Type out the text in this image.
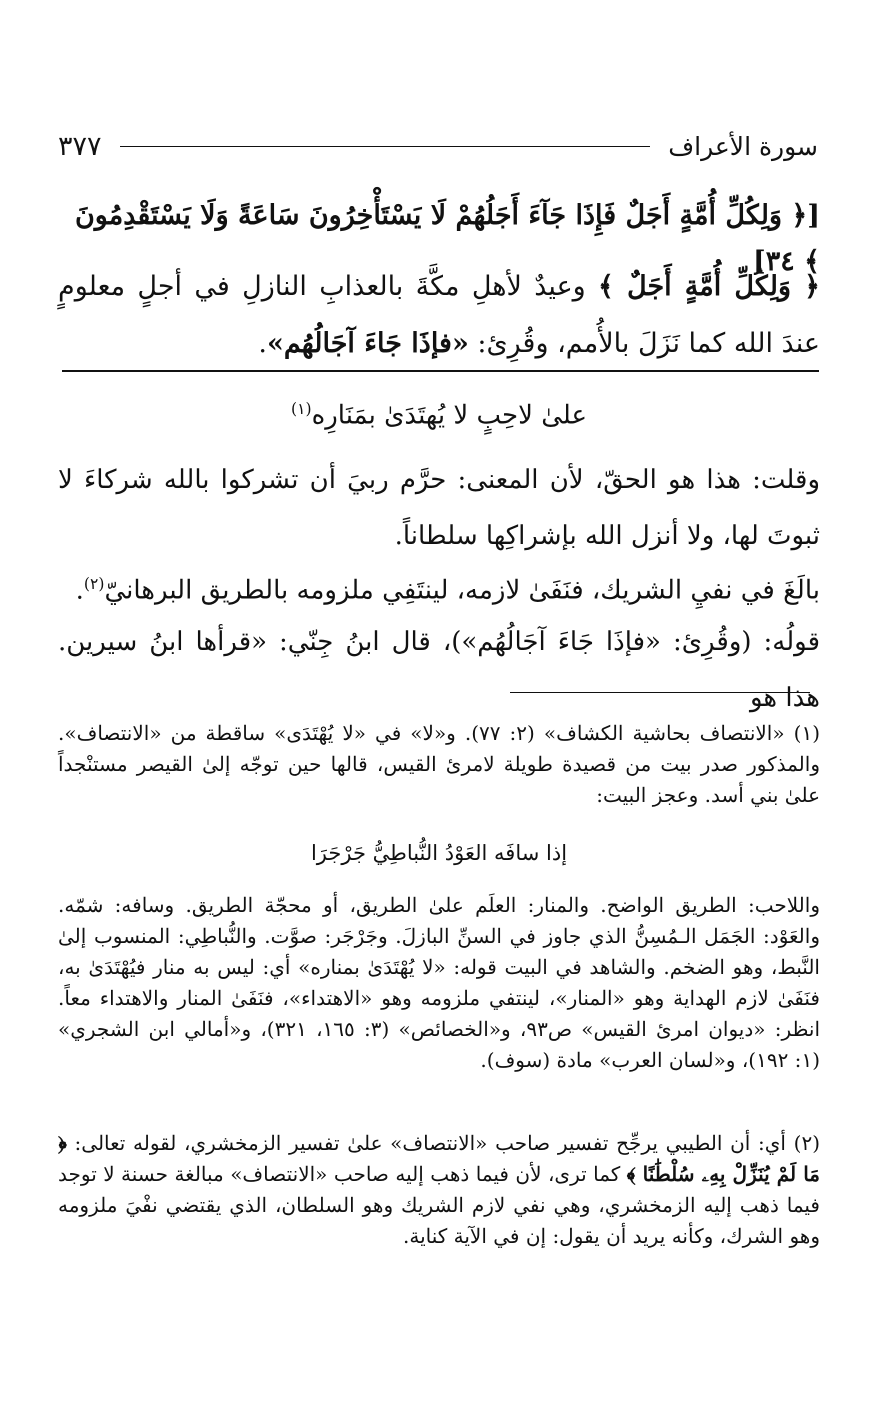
٣٧٧	سورة الأعراف
[﴿ وَلِكُلِّ أُمَّةٍ أَجَلٌ فَإِذَا جَآءَ أَجَلُهُمْ لَا يَسْتَأْخِرُونَ سَاعَةً وَلَا يَسْتَقْدِمُونَ ﴾ ٣٤]
﴿ وَلِكُلِّ أُمَّةٍ أَجَلٌ ﴾ وعيدٌ لأهلِ مكَّةَ بالعذابِ النازلِ في أجلٍ معلومٍ عندَ الله كما نَزَلَ بالأُمم، وقُرِئ: «فإذَا جَاءَ آجَالُهُم».
علىٰ لاحِبٍ لا يُهتَدَىٰ بمَنَارِه$^{(١)}$
وقلت: هذا هو الحقّ، لأن المعنى: حرَّم ربيَ أن تشركوا بالله شركاءَ لا ثبوتَ لها، ولا أنزل الله بإشراكِها سلطاناً.
بالَغَ في نفيِ الشريك، فنَفَىٰ لازمه، لينتَفِي ملزومه بالطريق البرهانيّ$^{(٢)}$.
قولُه: (وقُرِئ: «فإذَا جَاءَ آجَالُهُم»)، قال ابنُ جِنّي: «قرأها ابنُ سيرين. هذا هو
(١) «الانتصاف بحاشية الكشاف» (٢: ٧٧). و«لا» في «لا يُهْتَدَى» ساقطة من «الانتصاف». والمذكور صدر بيت من قصيدة طويلة لامرئ القيس، قالها حين توجّه إلىٰ القيصر مستنْجداً علىٰ بني أسد. وعجز البيت:
إذا سافَه العَوْدُ النُّباطِيُّ جَرْجَرَا
واللاحب: الطريق الواضح. والمنار: العلَم علىٰ الطريق، أو محجّة الطريق. وسافه: شمّه. والعَوْد: الجَمَل الـمُسِنُّ الذي جاوز في السنِّ البازلَ. وجَرْجَر: صوَّت. والنُّباطِي: المنسوب إلىٰ النَّبط، وهو الضخم. والشاهد في البيت قوله: «لا يُهْتَدَىٰ بمناره» أي: ليس به منار فيُهْتَدَىٰ به، فنَفَىٰ لازم الهداية وهو «المنار»، لينتفي ملزومه وهو «الاهتداء»، فنَفَىٰ المنار والاهتداء معاً. انظر: «ديوان امرئ القيس» ص٩٣، و«الخصائص» (٣: ١٦٥، ٣٢١)، و«أمالي ابن الشجري» (١: ١٩٢)، و«لسان العرب» مادة (سوف).
(٢) أي: أن الطيبي يرجِّح تفسير صاحب «الانتصاف» علىٰ تفسير الزمخشري، لقوله تعالى: ﴿ مَا لَمْ يُنَزِّلْ بِهِۦ سُلْطَٰنًا ﴾ كما ترى، لأن فيما ذهب إليه صاحب «الانتصاف» مبالغة حسنة لا توجد فيما ذهب إليه الزمخشري، وهي نفي لازم الشريك وهو السلطان، الذي يقتضي نفْيَ ملزومه وهو الشرك، وكأنه يريد أن يقول: إن في الآية كناية.
